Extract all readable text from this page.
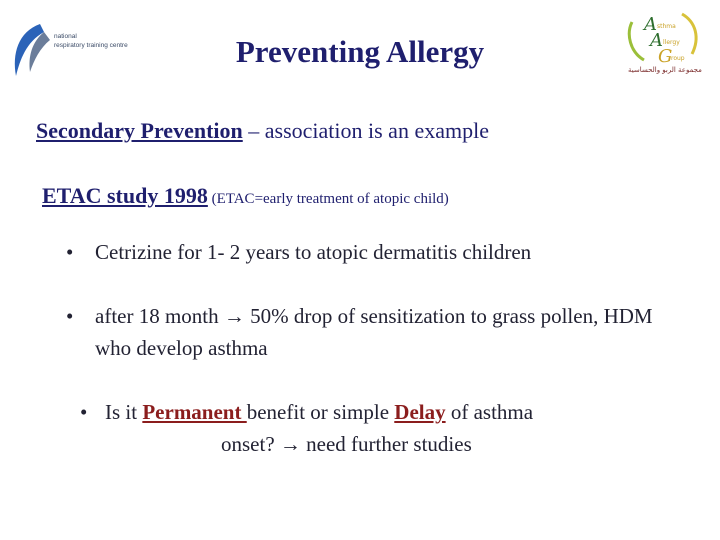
national
respiratory training centre
A sthma
A llergy
G
roup
مجموعة الربو والحساسية
Preventing Allergy
Secondary Prevention – association is an example
ETAC study 1998 (ETAC=early treatment of atopic child)
• Cetrizine for 1- 2 years to atopic dermatitis children
• after 18 month → 50% drop of sensitization to grass pollen, HDM who develop asthma
• Is it Permanent benefit or simple Delay of asthma
onset? → need further studies
